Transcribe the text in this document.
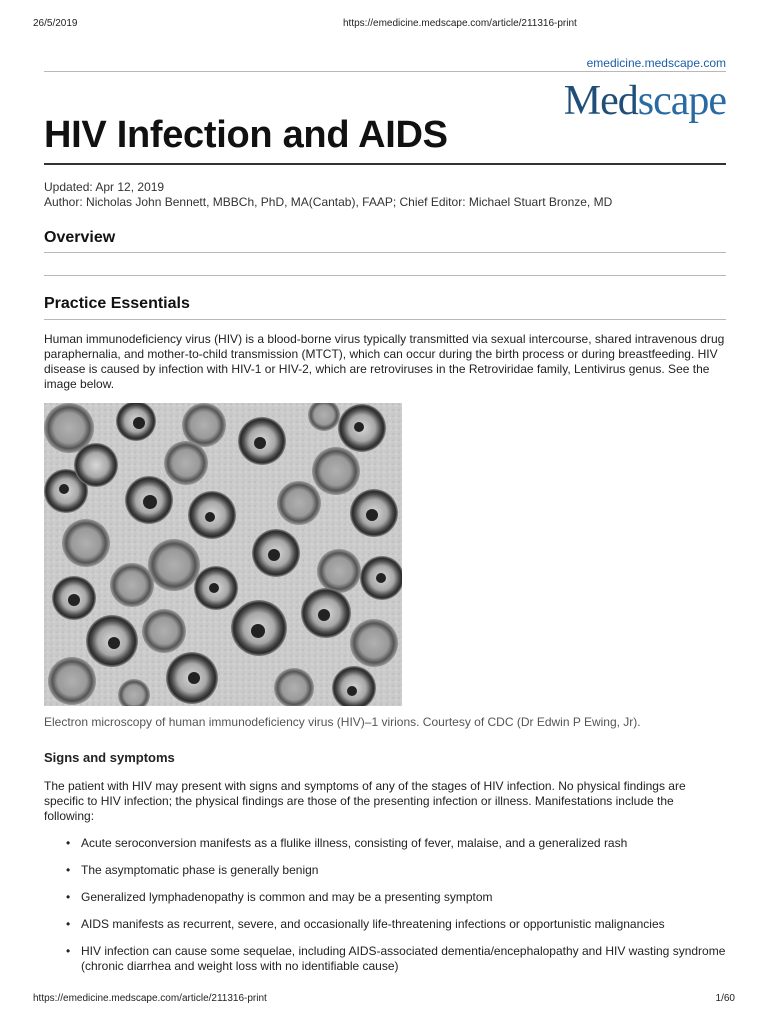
26/5/2019	https://emedicine.medscape.com/article/211316-print
emedicine.medscape.com
Medscape
HIV Infection and AIDS
Updated: Apr 12, 2019
Author: Nicholas John Bennett, MBBCh, PhD, MA(Cantab), FAAP; Chief Editor: Michael Stuart Bronze, MD
Overview
Practice Essentials

Human immunodeficiency virus (HIV) is a blood-borne virus typically transmitted via sexual intercourse, shared intravenous drug paraphernalia, and mother-to-child transmission (MTCT), which can occur during the birth process or during breastfeeding. HIV disease is caused by infection with HIV-1 or HIV-2, which are retroviruses in the Retroviridae family, Lentivirus genus. See the image below.

Electron microscopy of human immunodeficiency virus (HIV)–1 virions. Courtesy of CDC (Dr Edwin P Ewing, Jr).

Signs and symptoms

The patient with HIV may present with signs and symptoms of any of the stages of HIV infection. No physical findings are specific to HIV infection; the physical findings are those of the presenting infection or illness. Manifestations include the following:

• Acute seroconversion manifests as a flulike illness, consisting of fever, malaise, and a generalized rash
• The asymptomatic phase is generally benign
• Generalized lymphadenopathy is common and may be a presenting symptom
• AIDS manifests as recurrent, severe, and occasionally life-threatening infections or opportunistic malignancies
• HIV infection can cause some sequelae, including AIDS-associated dementia/encephalopathy and HIV wasting syndrome (chronic diarrhea and weight loss with no identifiable cause)
https://emedicine.medscape.com/article/211316-print	1/60
